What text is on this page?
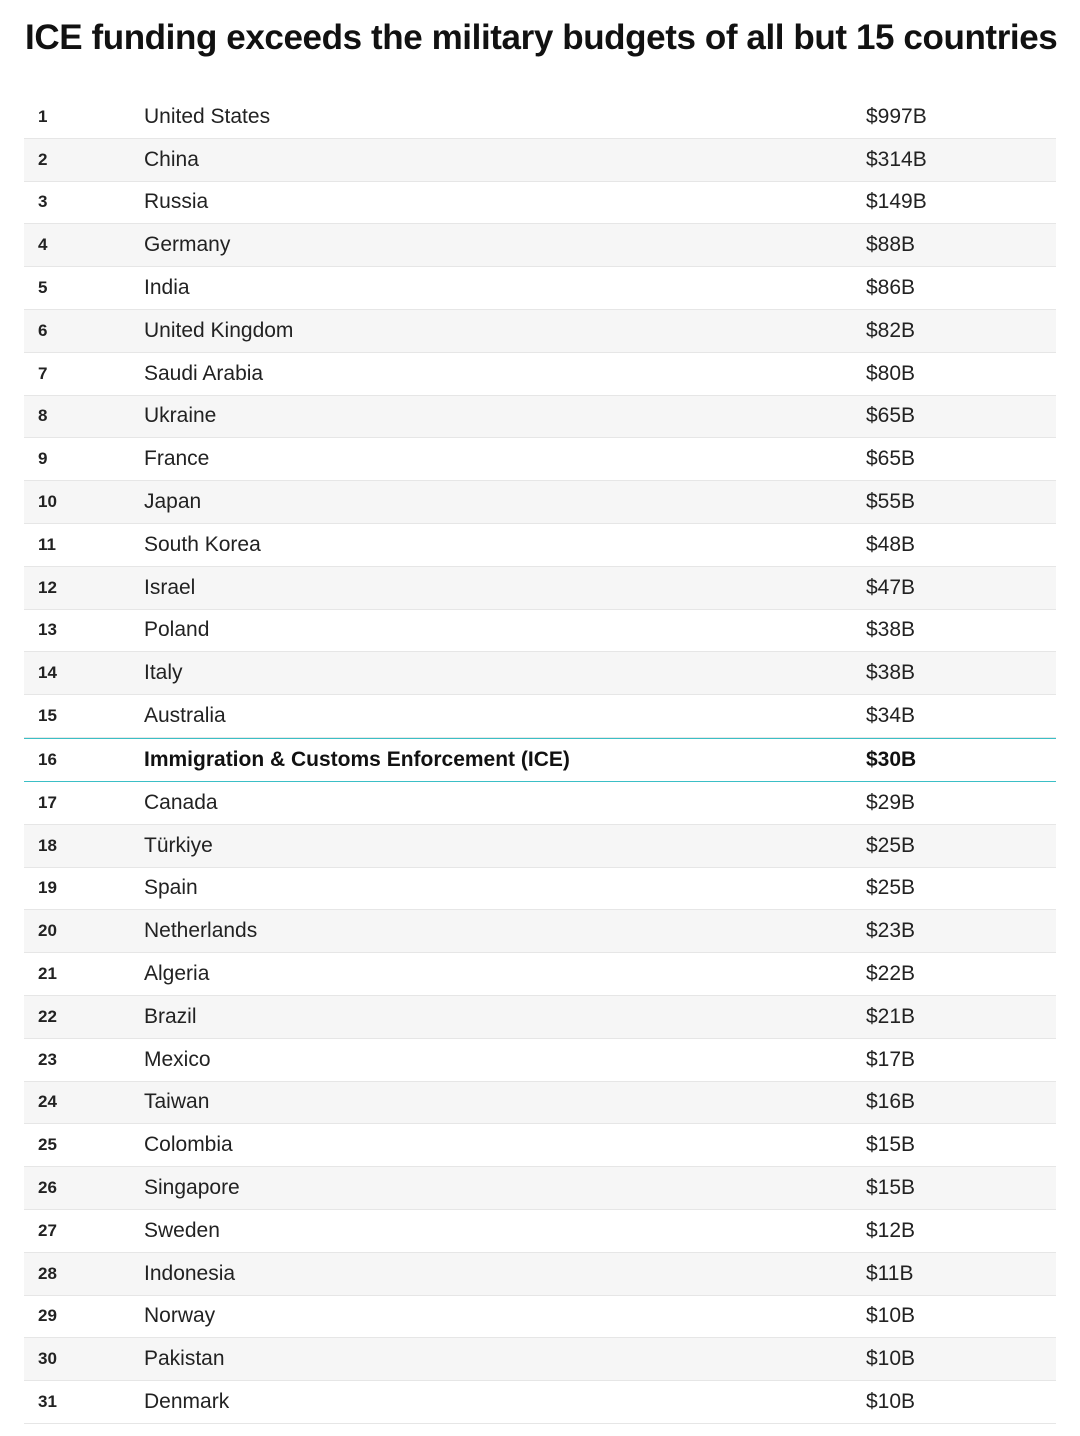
ICE funding exceeds the military budgets of all but 15 countries
1	United States	$997B
2	China	$314B
3	Russia	$149B
4	Germany	$88B
5	India	$86B
6	United Kingdom	$82B
7	Saudi Arabia	$80B
8	Ukraine	$65B
9	France	$65B
10	Japan	$55B
11	South Korea	$48B
12	Israel	$47B
13	Poland	$38B
14	Italy	$38B
15	Australia	$34B
16	Immigration & Customs Enforcement (ICE)	$30B
17	Canada	$29B
18	Türkiye	$25B
19	Spain	$25B
20	Netherlands	$23B
21	Algeria	$22B
22	Brazil	$21B
23	Mexico	$17B
24	Taiwan	$16B
25	Colombia	$15B
26	Singapore	$15B
27	Sweden	$12B
28	Indonesia	$11B
29	Norway	$10B
30	Pakistan	$10B
31	Denmark	$10B
